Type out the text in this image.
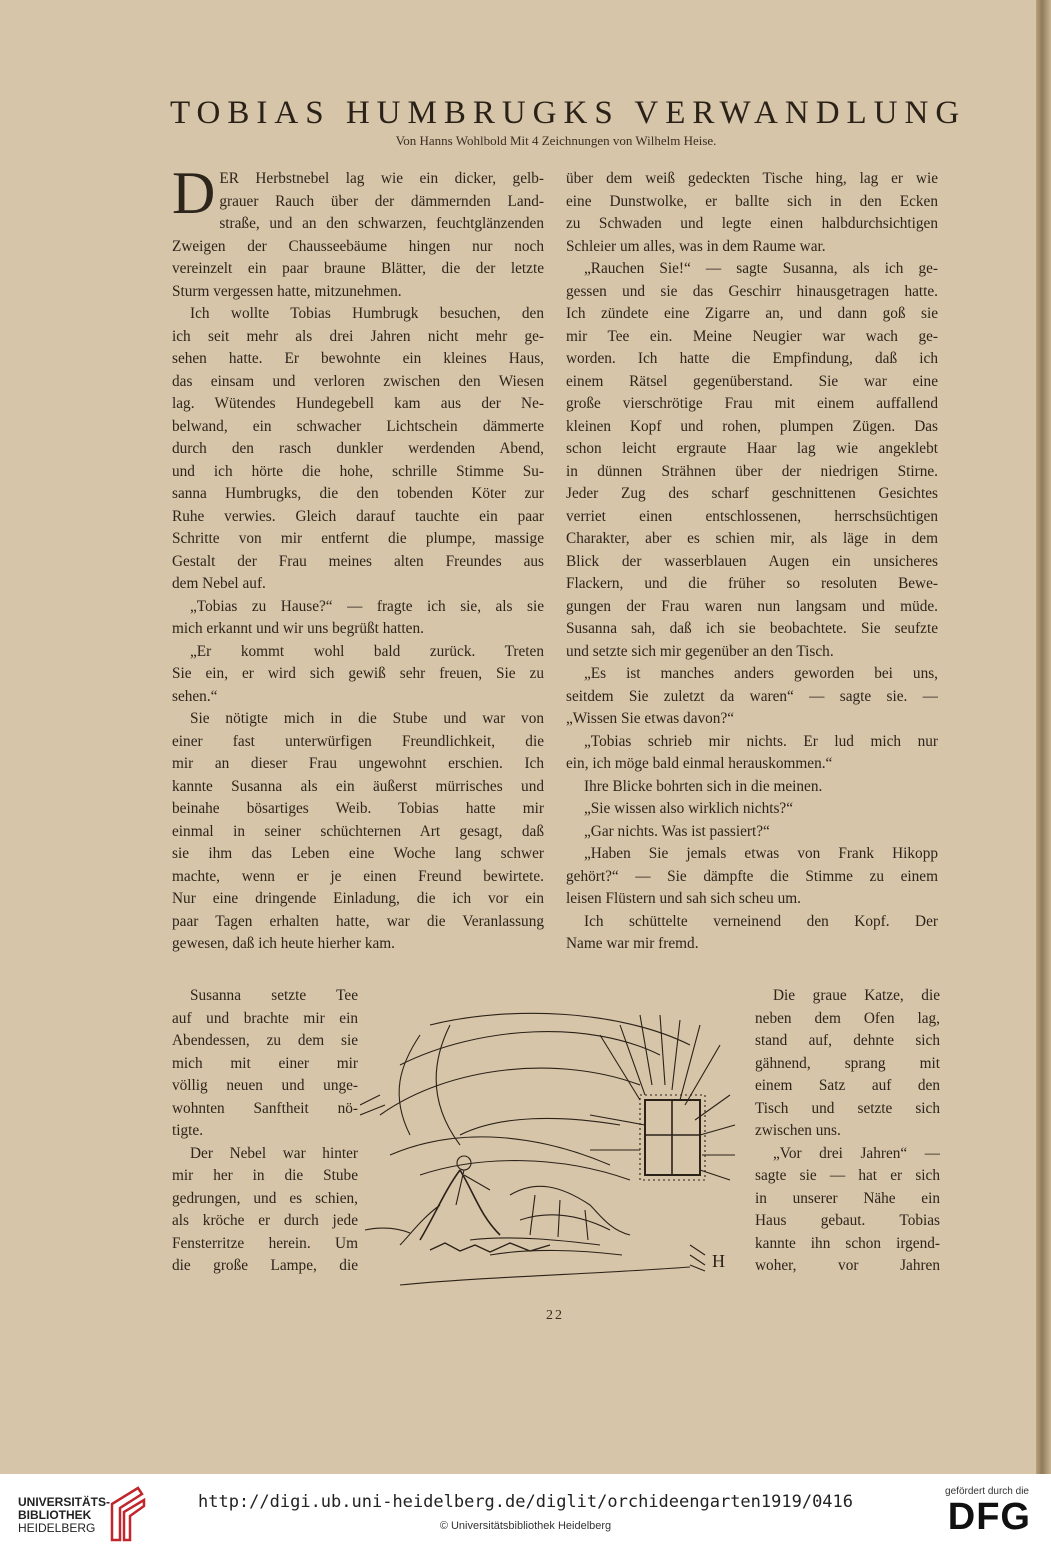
TOBIAS HUMBRUGKS VERWANDLUNG
Von Hanns Wohlbold Mit 4 Zeichnungen von Wilhelm Heise.
D ER Herbstnebel lag wie ein dicker, gelb-
grauer Rauch über der dämmernden Land-
straße, und an den schwarzen, feuchtglänzenden
Zweigen der Chausseebäume hingen nur noch
vereinzelt ein paar braune Blätter, die der letzte
Sturm vergessen hatte, mitzunehmen.
Ich wollte Tobias Humbrugk besuchen, den
ich seit mehr als drei Jahren nicht mehr ge-
sehen hatte. Er bewohnte ein kleines Haus,
das einsam und verloren zwischen den Wiesen
lag. Wütendes Hundegebell kam aus der Ne-
belwand, ein schwacher Lichtschein dämmerte
durch den rasch dunkler werdenden Abend,
und ich hörte die hohe, schrille Stimme Su-
sanna Humbrugks, die den tobenden Köter zur
Ruhe verwies. Gleich darauf tauchte ein paar
Schritte von mir entfernt die plumpe, massige
Gestalt der Frau meines alten Freundes aus
dem Nebel auf.
„Tobias zu Hause?“ — fragte ich sie, als sie
mich erkannt und wir uns begrüßt hatten.
„Er kommt wohl bald zurück. Treten
Sie ein, er wird sich gewiß sehr freuen, Sie zu
sehen.“
Sie nötigte mich in die Stube und war von
einer fast unterwürfigen Freundlichkeit, die
mir an dieser Frau ungewohnt erschien. Ich
kannte Susanna als ein äußerst mürrisches und
beinahe bösartiges Weib. Tobias hatte mir
einmal in seiner schüchternen Art gesagt, daß
sie ihm das Leben eine Woche lang schwer
machte, wenn er je einen Freund bewirtete.
Nur eine dringende Einladung, die ich vor ein
paar Tagen erhalten hatte, war die Veranlassung
gewesen, daß ich heute hierher kam.
über dem weiß gedeckten Tische hing, lag er wie
eine Dunstwolke, er ballte sich in den Ecken
zu Schwaden und legte einen halbdurchsichtigen
Schleier um alles, was in dem Raume war.
„Rauchen Sie!“ — sagte Susanna, als ich ge-
gessen und sie das Geschirr hinausgetragen hatte.
Ich zündete eine Zigarre an, und dann goß sie
mir Tee ein. Meine Neugier war wach ge-
worden. Ich hatte die Empfindung, daß ich
einem Rätsel gegenüberstand. Sie war eine
große vierschrötige Frau mit einem auffallend
kleinen Kopf und rohen, plumpen Zügen. Das
schon leicht ergraute Haar lag wie angeklebt
in dünnen Strähnen über der niedrigen Stirne.
Jeder Zug des scharf geschnittenen Gesichtes
verriet einen entschlossenen, herrschsüchtigen
Charakter, aber es schien mir, als läge in dem
Blick der wasserblauen Augen ein unsicheres
Flackern, und die früher so resoluten Bewe-
gungen der Frau waren nun langsam und müde.
Susanna sah, daß ich sie beobachtete. Sie seufzte
und setzte sich mir gegenüber an den Tisch.
„Es ist manches anders geworden bei uns,
seitdem Sie zuletzt da waren“ — sagte sie. —
„Wissen Sie etwas davon?“
„Tobias schrieb mir nichts. Er lud mich nur
ein, ich möge bald einmal herauskommen.“
Ihre Blicke bohrten sich in die meinen.
„Sie wissen also wirklich nichts?“
„Gar nichts. Was ist passiert?“
„Haben Sie jemals etwas von Frank Hikopp
gehört?“ — Sie dämpfte die Stimme zu einem
leisen Flüstern und sah sich scheu um.
Ich schüttelte verneinend den Kopf. Der
Name war mir fremd.
Susanna setzte Tee
auf und brachte mir ein
Abendessen, zu dem sie
mich mit einer mir
völlig neuen und unge-
wohnten Sanftheit nö-
tigte.
Der Nebel war hinter
mir her in die Stube
gedrungen, und es schien,
als kröche er durch jede
Fensterritze herein. Um
die große Lampe, die
Die graue Katze, die
neben dem Ofen lag,
stand auf, dehnte sich
gähnend, sprang mit
einem Satz auf den
Tisch und setzte sich
zwischen uns.
„Vor drei Jahren“ —
sagte sie — hat er sich
in unserer Nähe ein
Haus gebaut. Tobias
kannte ihn schon irgend-
woher, vor Jahren
H
22
UNIVERSITÄTS-
BIBLIOTHEK
HEIDELBERG
http://digi.ub.uni-heidelberg.de/diglit/orchideengarten1919/0416
© Universitätsbibliothek Heidelberg
gefördert durch die
DFG
